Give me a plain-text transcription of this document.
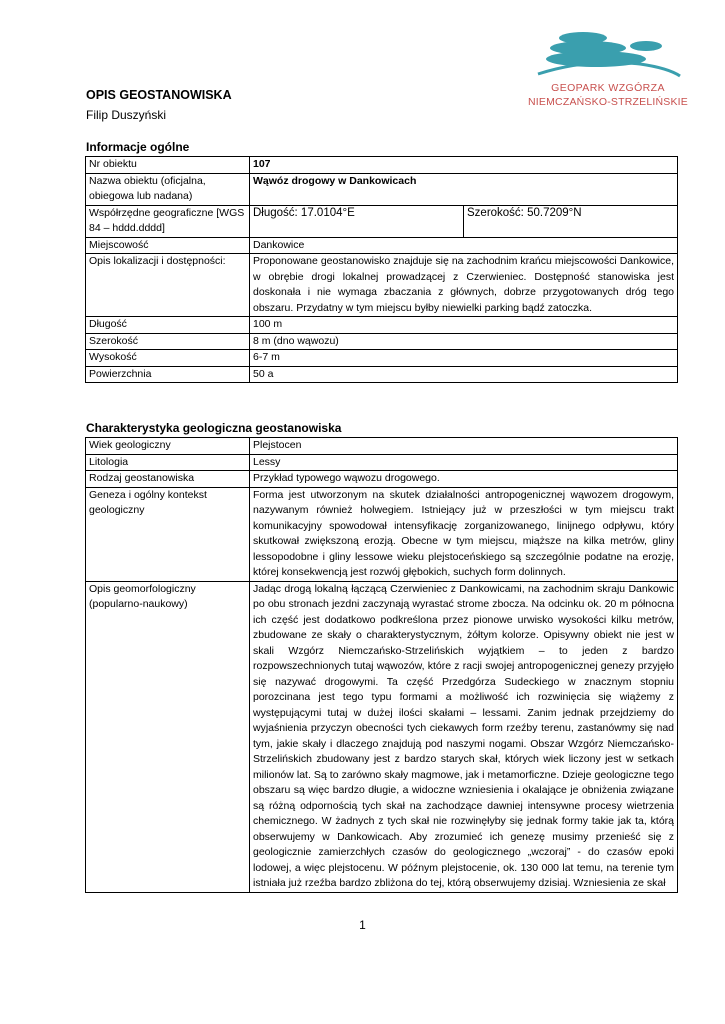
GEOPARK WZGÓRZA
NIEMCZAŃSKO-STRZELIŃSKIE
OPIS GEOSTANOWISKA
Filip Duszyński
Informacje ogólne
Nr obiektu	107	
Nazwa obiektu (oficjalna, obiegowa lub nadana)	Wąwóz drogowy w Dankowicach	
Współrzędne geograficzne [WGS 84 – hddd.dddd]	Długość: 17.0104°E	Szerokość: 50.7209°N
Miejscowość	Dankowice	
Opis lokalizacji i dostępności:	Proponowane geostanowisko znajduje się na zachodnim krańcu miejscowości Dankowice, w obrębie drogi lokalnej prowadzącej z Czerwieniec. Dostępność stanowiska jest doskonała i nie wymaga zbaczania z głównych, dobrze przygotowanych dróg tego obszaru. Przydatny w tym miejscu byłby niewielki parking bądź zatoczka.	
Długość	100 m	
Szerokość	8 m (dno wąwozu)	
Wysokość	6-7 m	
Powierzchnia	50 a	
Charakterystyka geologiczna geostanowiska
Wiek geologiczny	Plejstocen
Litologia	Lessy
Rodzaj geostanowiska	Przykład typowego wąwozu drogowego.
Geneza i ogólny kontekst geologiczny	Forma jest utworzonym na skutek działalności antropogenicznej wąwozem drogowym, nazywanym również holwegiem. Istniejący już w przeszłości w tym miejscu trakt komunikacyjny spowodował intensyfikację zorganizowanego, linijnego odpływu, który skutkował zwiększoną erozją. Obecne w tym miejscu, miąższe na kilka metrów, gliny lessopodobne i gliny lessowe wieku plejstoceńskiego są szczególnie podatne na erozję, której konsekwencją jest rozwój głębokich, suchych form dolinnych.
Opis geomorfologiczny (popularno-naukowy)	Jadąc drogą lokalną łączącą Czerwieniec z Dankowicami, na zachodnim skraju Dankowic po obu stronach jezdni zaczynają wyrastać strome zbocza. Na odcinku ok. 20 m północna ich część jest dodatkowo podkreślona przez pionowe urwisko wysokości kilku metrów, zbudowane ze skały o charakterystycznym, żółtym kolorze. Opisywny obiekt nie jest w skali Wzgórz Niemczańsko-Strzelińskich wyjątkiem – to jeden z bardzo rozpowszechnionych tutaj wąwozów, które z racji swojej antropogenicznej genezy przyjęło się nazywać drogowymi. Ta część Przedgórza Sudeckiego w znacznym stopniu porozcinana jest tego typu formami a możliwość ich rozwinięcia się wiążemy z występującymi tutaj w dużej ilości skałami – lessami. Zanim jednak przejdziemy do wyjaśnienia przyczyn obecności tych ciekawych form rzeźby terenu, zastanówmy się nad tym, jakie skały i dlaczego znajdują pod naszymi nogami. Obszar Wzgórz Niemczańsko-Strzelińskich zbudowany jest z bardzo starych skał, których wiek liczony jest w setkach milionów lat. Są to zarówno skały magmowe, jak i metamorficzne. Dzieje geologiczne tego obszaru są więc bardzo długie, a widoczne wzniesienia i okalające je obniżenia związane są różną odpornością tych skał na zachodzące dawniej intensywne procesy wietrzenia chemicznego. W żadnych z tych skał nie rozwinęłyby się jednak formy takie jak ta, którą obserwujemy w Dankowicach. Aby zrozumieć ich genezę musimy przenieść się z geologicznie zamierzchłych czasów do geologicznego „wczoraj” - do czasów epoki lodowej, a więc plejstocenu. W późnym plejstocenie, ok. 130 000 lat temu, na terenie tym istniała już rzeźba bardzo zbliżona do tej, którą obserwujemy dzisiaj. Wzniesienia ze skał
1
